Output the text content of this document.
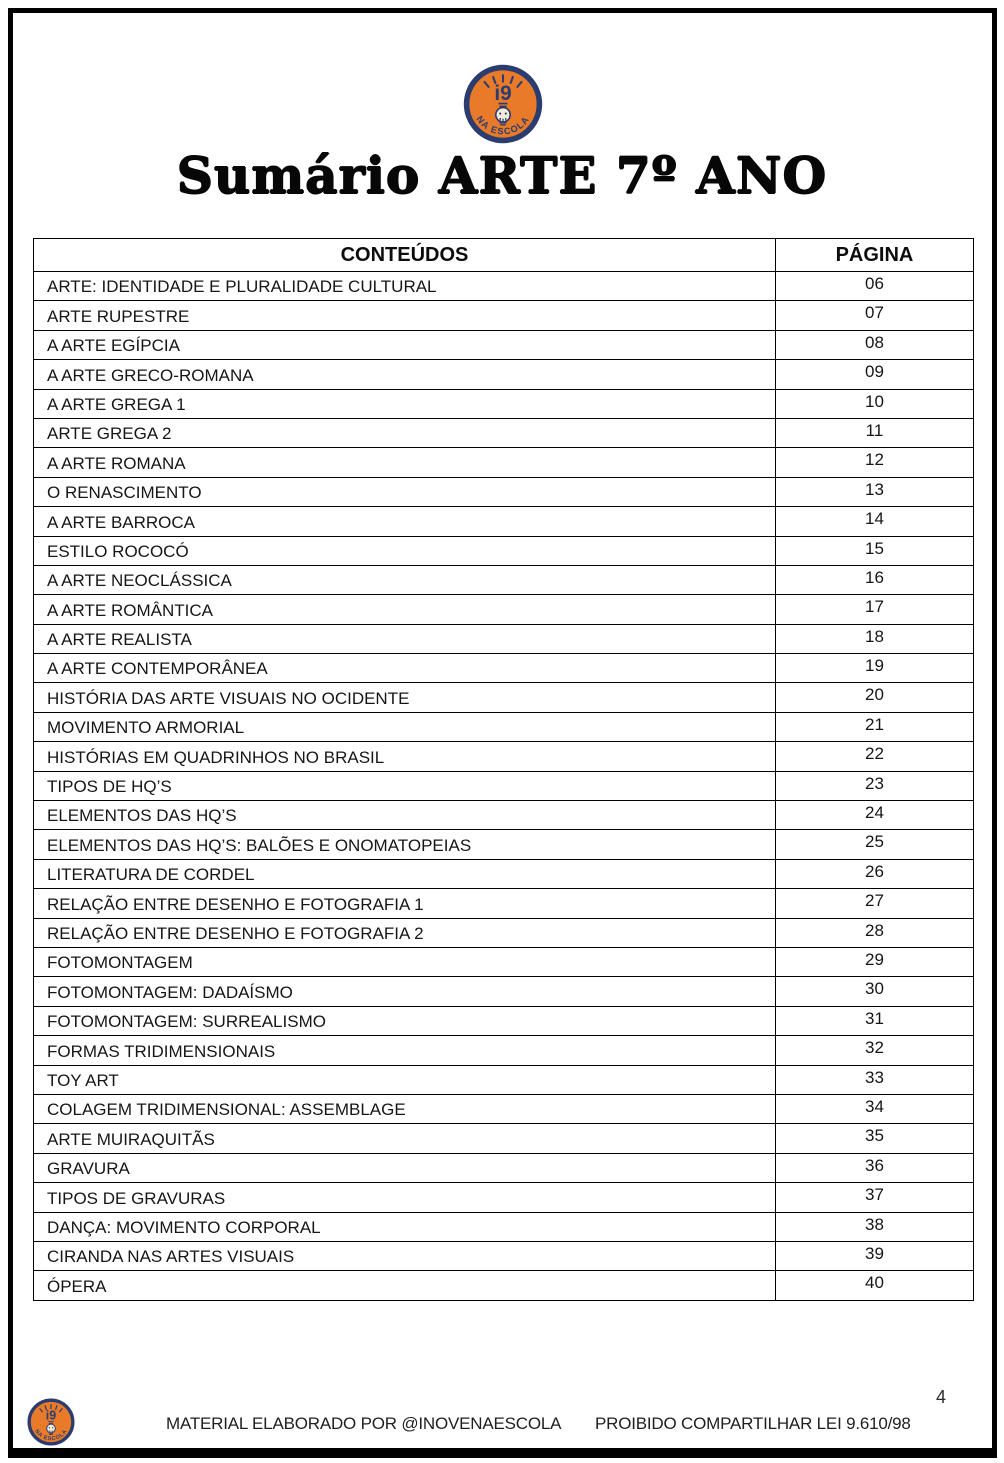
Sumário ARTE 7º ANO
CONTEÚDOS	PÁGINA
ARTE: IDENTIDADE E PLURALIDADE CULTURAL	06
ARTE RUPESTRE	07
A ARTE EGÍPCIA	08
A ARTE GRECO-ROMANA	09
A ARTE GREGA 1	10
ARTE GREGA 2	11
A ARTE ROMANA	12
O RENASCIMENTO	13
A ARTE BARROCA	14
ESTILO ROCOCÓ	15
A ARTE NEOCLÁSSICA	16
A ARTE ROMÂNTICA	17
A ARTE REALISTA	18
A ARTE CONTEMPORÂNEA	19
HISTÓRIA DAS ARTE VISUAIS NO OCIDENTE	20
MOVIMENTO ARMORIAL	21
HISTÓRIAS EM QUADRINHOS NO BRASIL	22
TIPOS DE HQ’S	23
ELEMENTOS DAS HQ’S	24
ELEMENTOS DAS HQ’S: BALÕES E ONOMATOPEIAS	25
LITERATURA DE CORDEL	26
RELAÇÃO ENTRE DESENHO E FOTOGRAFIA 1	27
RELAÇÃO ENTRE DESENHO E FOTOGRAFIA 2	28
FOTOMONTAGEM	29
FOTOMONTAGEM: DADAÍSMO	30
FOTOMONTAGEM: SURREALISMO	31
FORMAS TRIDIMENSIONAIS	32
TOY ART	33
COLAGEM TRIDIMENSIONAL: ASSEMBLAGE	34
ARTE MUIRAQUITÃS	35
GRAVURA	36
TIPOS DE GRAVURAS	37
DANÇA: MOVIMENTO CORPORAL	38
CIRANDA NAS ARTES VISUAIS	39
ÓPERA	40
MATERIAL ELABORADO POR @INOVENAESCOLA PROIBIDO COMPARTILHAR LEI 9.610/98
4
